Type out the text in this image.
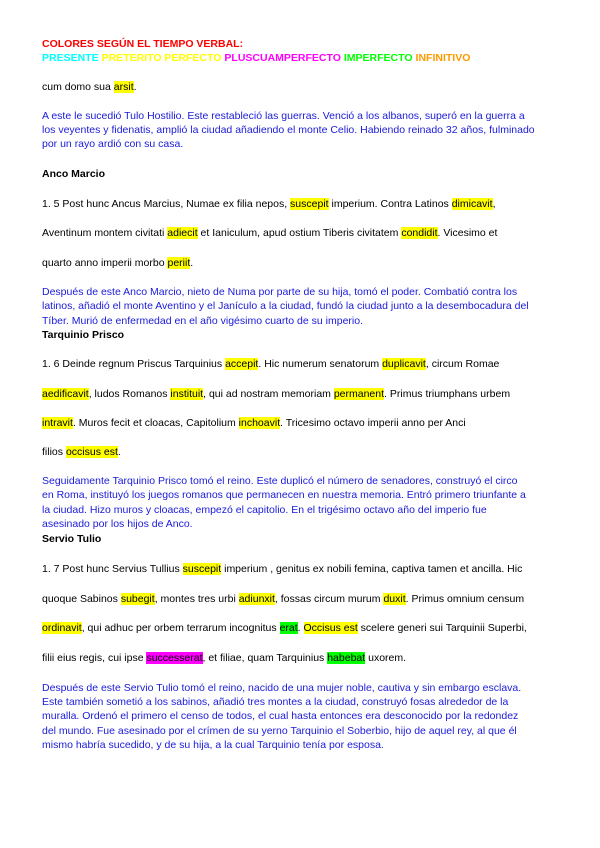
COLORES SEGÚN EL TIEMPO VERBAL:
PRESENTE PRETERITO PERFECTO PLUSCUAMPERFECTO IMPERFECTO INFINITIVO
cum domo sua arsit.
A este le sucedió Tulo Hostilio. Este restableció las guerras. Venció a los albanos, superó en la guerra a
los veyentes y fidenatis, amplió la ciudad añadiendo el monte Celio. Habiendo reinado 32 años, fulminado
por un rayo ardió con su casa.
Anco Marcio
1. 5 Post hunc Ancus Marcius, Numae ex filia nepos, suscepit imperium. Contra Latinos dimicavit,
Aventinum montem civitati adiecit et Ianiculum, apud ostium Tiberis civitatem condidit. Vicesimo et
quarto anno imperii morbo periit.
Después de este Anco Marcio, nieto de Numa por parte de su hija, tomó el poder. Combatió contra los
latinos, añadió el monte Aventino y el Janículo a la ciudad, fundó la ciudad junto a la desembocadura del
Tíber. Murió de enfermedad en el año vigésimo cuarto de su imperio.
Tarquinio Prisco
1. 6 Deinde regnum Priscus Tarquinius accepit. Hic numerum senatorum duplicavit, circum Romae
aedificavit, ludos Romanos instituit, qui ad nostram memoriam permanent. Primus triumphans urbem
intravit. Muros fecit et cloacas, Capitolium inchoavit. Tricesimo octavo imperii anno per Anci
filios occisus est.
Seguidamente Tarquinio Prisco tomó el reino. Este duplicó el número de senadores, construyó el circo
en Roma, instituyó los juegos romanos que permanecen en nuestra memoria. Entró primero triunfante a
la ciudad. Hizo muros y cloacas, empezó el capitolio. En el trigésimo octavo año del imperio fue
asesinado por los hijos de Anco.
Servio Tulio
1. 7 Post hunc Servius Tullius suscepit imperium , genitus ex nobili femina, captiva tamen et ancilla. Hic
quoque Sabinos subegit, montes tres urbi adiunxit, fossas circum murum duxit. Primus omnium censum
ordinavit, qui adhuc per orbem terrarum incognitus erat. Occisus est scelere generi sui Tarquinii Superbi,
filii eius regis, cui ipse successerat, et filiae, quam Tarquinius habebat uxorem.
Después de este Servio Tulio tomó el reino, nacido de una mujer noble, cautiva y sin embargo esclava.
Este también sometió a los sabinos, añadió tres montes a la ciudad, construyó fosas alrededor de la
muralla. Ordenó el primero el censo de todos, el cual hasta entonces era desconocido por la redondez
del mundo. Fue asesinado por el crímen de su yerno Tarquinio el Soberbio, hijo de aquel rey, al que él
mismo habría sucedido, y de su hija, a la cual Tarquinio tenía por esposa.
